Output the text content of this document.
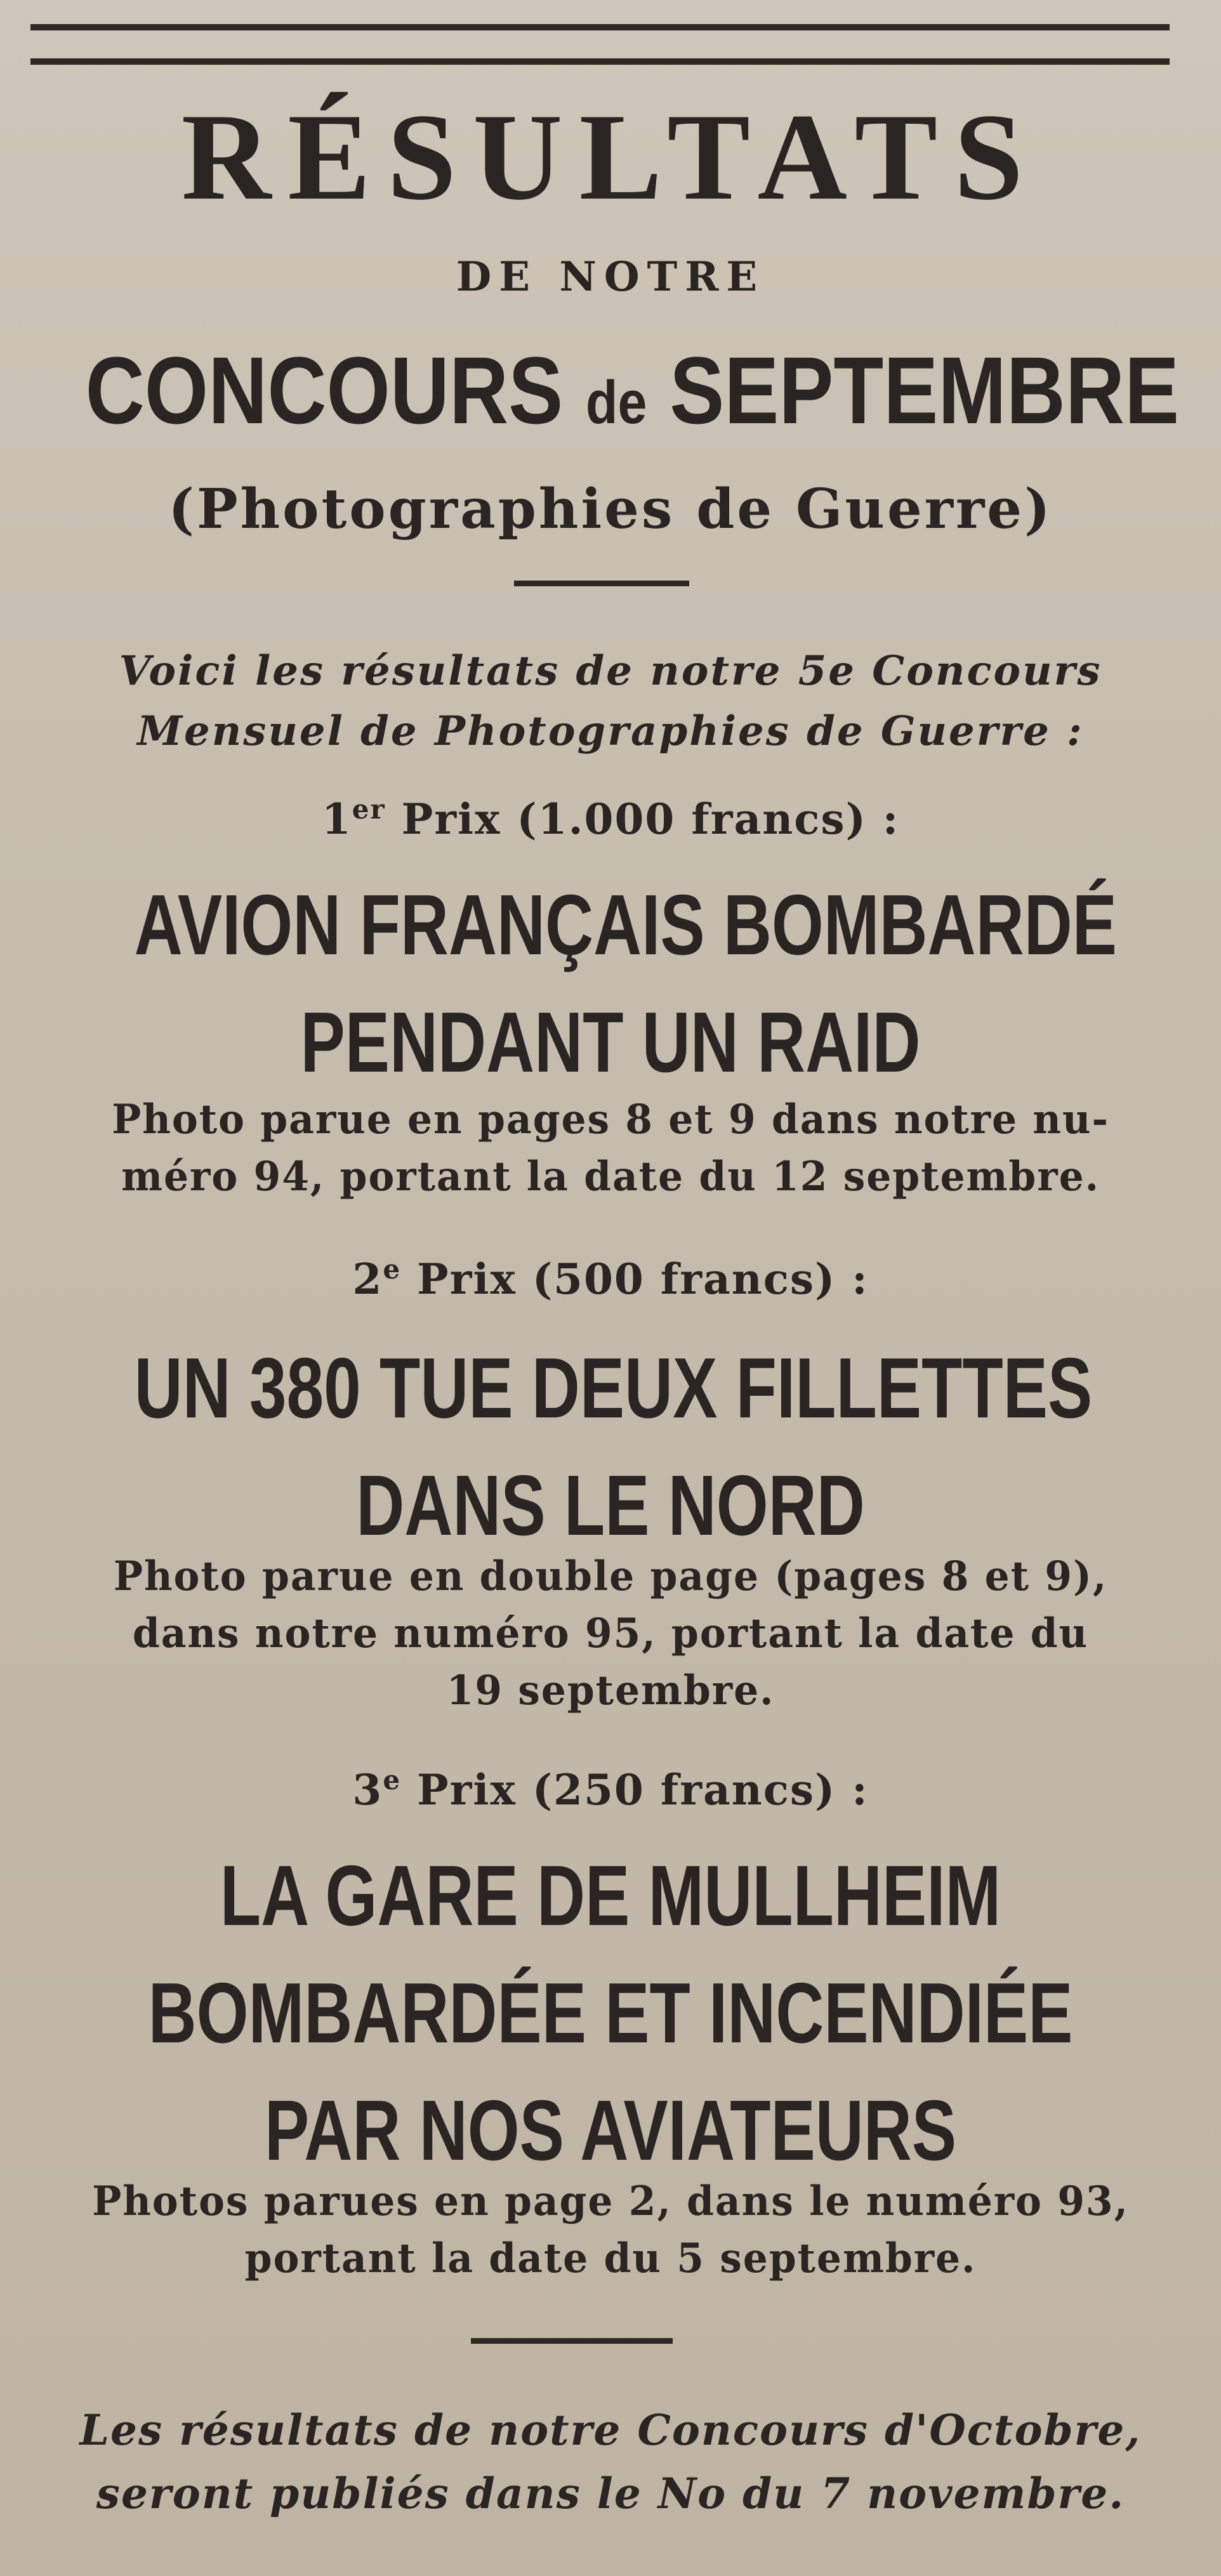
RÉSULTATS
DE NOTRE
CONCOURS de SEPTEMBRE
(Photographies de Guerre)
Voici les résultats de notre 5e Concours
Mensuel de Photographies de Guerre :
1er Prix (1.000 francs) :
AVION FRANÇAIS BOMBARDÉ
PENDANT UN RAID
Photo parue en pages 8 et 9 dans notre nu-
méro 94, portant la date du 12 septembre.
2e Prix (500 francs) :
UN 380 TUE DEUX FILLETTES
DANS LE NORD
Photo parue en double page (pages 8 et 9),
dans notre numéro 95, portant la date du
19 septembre.
3e Prix (250 francs) :
LA GARE DE MULLHEIM
BOMBARDÉE ET INCENDIÉE
PAR NOS AVIATEURS
Photos parues en page 2, dans le numéro 93,
portant la date du 5 septembre.
Les résultats de notre Concours d'Octobre,
seront publiés dans le No du 7 novembre.
